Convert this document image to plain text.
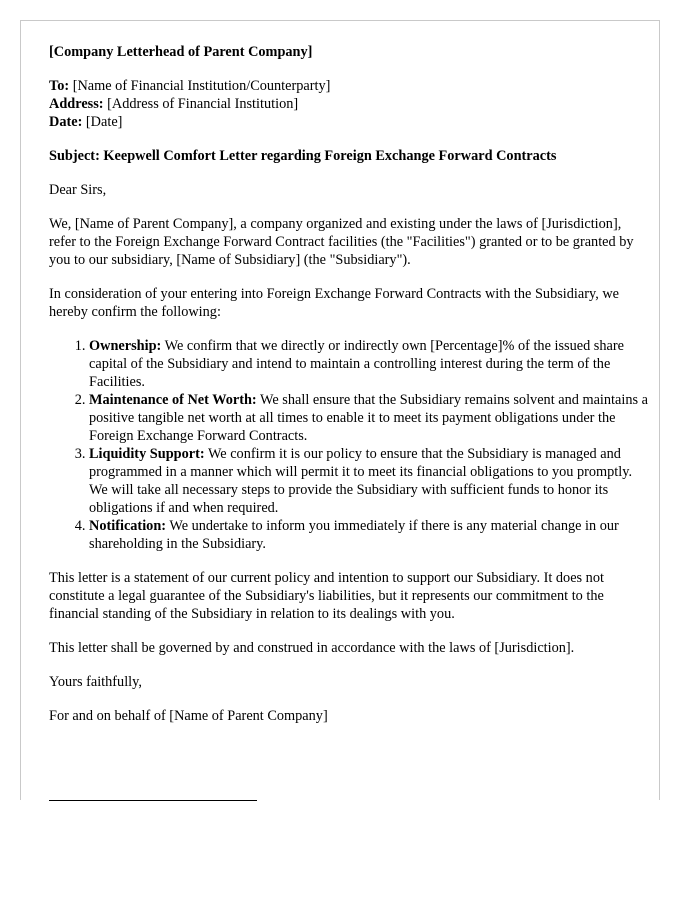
[Company Letterhead of Parent Company]

To: [Name of Financial Institution/Counterparty]
Address: [Address of Financial Institution]
Date: [Date]

Subject: Keepwell Comfort Letter regarding Foreign Exchange Forward Contracts

Dear Sirs,

We, [Name of Parent Company], a company organized and existing under the laws of [Jurisdiction], refer to the Foreign Exchange Forward Contract facilities (the "Facilities") granted or to be granted by you to our subsidiary, [Name of Subsidiary] (the "Subsidiary").

In consideration of your entering into Foreign Exchange Forward Contracts with the Subsidiary, we hereby confirm the following:

1. Ownership: We confirm that we directly or indirectly own [Percentage]% of the issued share capital of the Subsidiary and intend to maintain a controlling interest during the term of the Facilities.
2. Maintenance of Net Worth: We shall ensure that the Subsidiary remains solvent and maintains a positive tangible net worth at all times to enable it to meet its payment obligations under the Foreign Exchange Forward Contracts.
3. Liquidity Support: We confirm it is our policy to ensure that the Subsidiary is managed and programmed in a manner which will permit it to meet its financial obligations to you promptly. We will take all necessary steps to provide the Subsidiary with sufficient funds to honor its obligations if and when required.
4. Notification: We undertake to inform you immediately if there is any material change in our shareholding in the Subsidiary.

This letter is a statement of our current policy and intention to support our Subsidiary. It does not constitute a legal guarantee of the Subsidiary's liabilities, but it represents our commitment to the financial standing of the Subsidiary in relation to its dealings with you.

This letter shall be governed by and construed in accordance with the laws of [Jurisdiction].

Yours faithfully,

For and on behalf of [Name of Parent Company]
